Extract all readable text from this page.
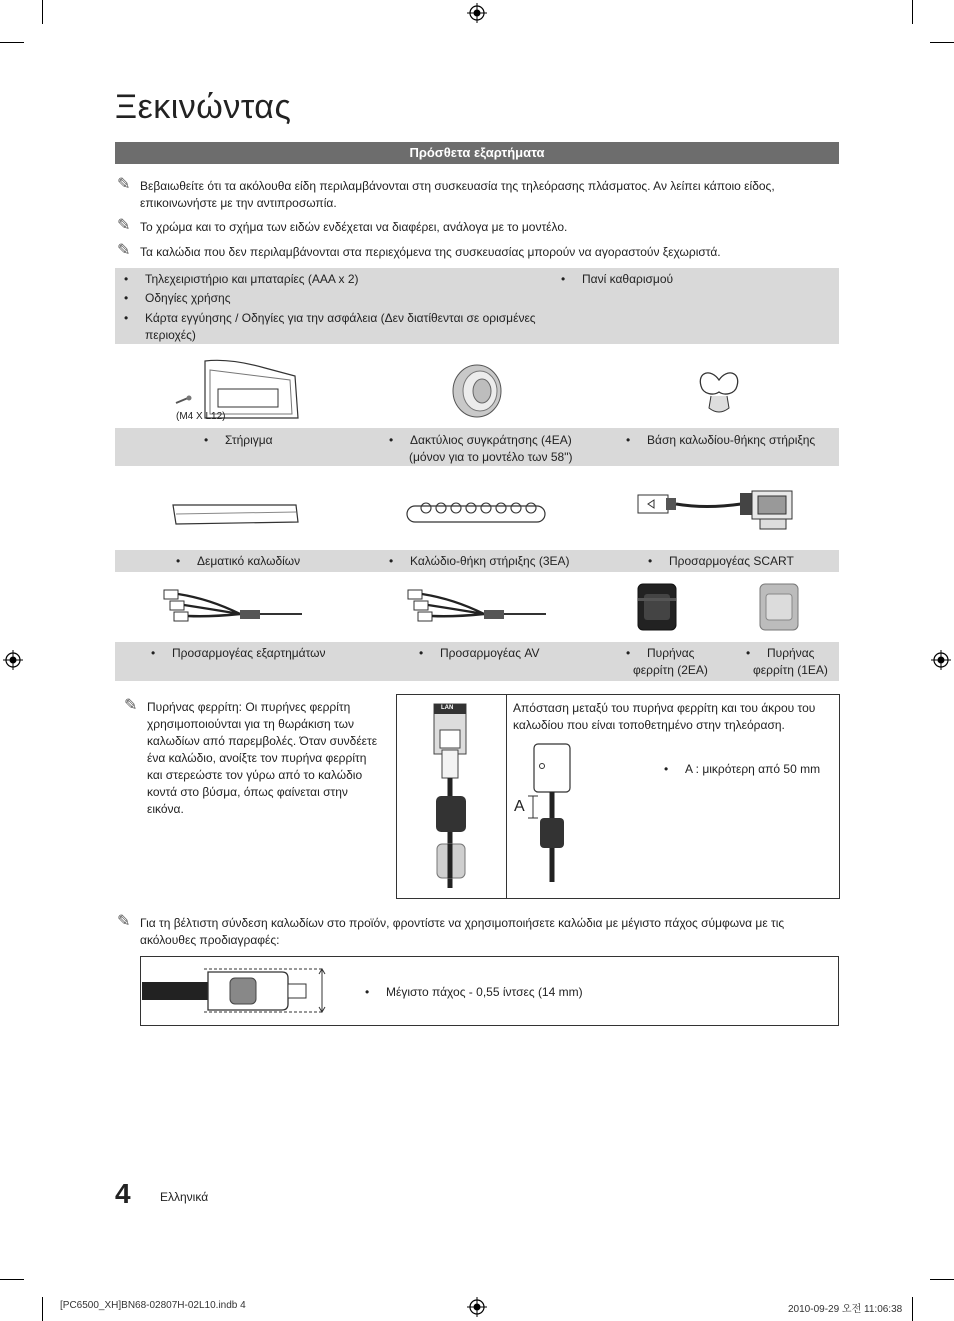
Ξεκινώντας
Πρόσθετα εξαρτήματα
✎ Βεβαιωθείτε ότι τα ακόλουθα είδη περιλαμβάνονται στη συσκευασία της τηλεόρασης πλάσματος. Αν λείπει κάποιο είδος, επικοινωνήστε με την αντιπροσωπία.
✎ Το χρώμα και το σχήμα των ειδών ενδέχεται να διαφέρει, ανάλογα με το μοντέλο.
✎ Τα καλώδια που δεν περιλαμβάνονται στα περιεχόμενα της συσκευασίας μπορούν να αγοραστούν ξεχωριστά.
• Τηλεχειριστήριο και μπαταρίες (AAA x 2)
• Οδηγίες χρήσης
• Κάρτα εγγύησης / Οδηγίες για την ασφάλεια (Δεν διατίθενται σε ορισμένες περιοχές)
• Πανί καθαρισμού
(M4 X L12)
• Στήριγμα	• Δακτύλιος συγκράτησης (4EA)
(μόνον για το μοντέλο των 58")
• Βάση καλωδίου-θήκης στήριξης
• Δεματικό καλωδίων	• Καλώδιο-θήκη στήριξης (3EA)	• Προσαρμογέας SCART
• Προσαρμογέας εξαρτημάτων	• Προσαρμογέας AV	• Πυρήνας
φερρίτη (2EA)
• Πυρήνας
φερρίτη (1EA)
✎ Πυρήνας φερρίτη: Οι πυρήνες φερρίτη χρησιμοποιούνται για τη θωράκιση των καλωδίων από παρεμβολές. Όταν συνδέετε ένα καλώδιο, ανοίξτε τον πυρήνα φερρίτη και στερεώστε τον γύρω από το καλώδιο κοντά στο βύσμα, όπως φαίνεται στην εικόνα.
LAN	Απόσταση μεταξύ του πυρήνα φερρίτη και του άκρου του καλωδίου που είναι τοποθετημένο στην τηλεόραση.
A
• A : μικρότερη από 50 mm
✎ Για τη βέλτιστη σύνδεση καλωδίων στο προϊόν, φροντίστε να χρησιμοποιήσετε καλώδια με μέγιστο πάχος σύμφωνα με τις ακόλουθες προδιαγραφές:
• Μέγιστο πάχος - 0,55 ίντσες (14 mm)
4 Ελληνικά
[PC6500_XH]BN68-02807H-02L10.indb 4	2010-09-29 오전 11:06:38
